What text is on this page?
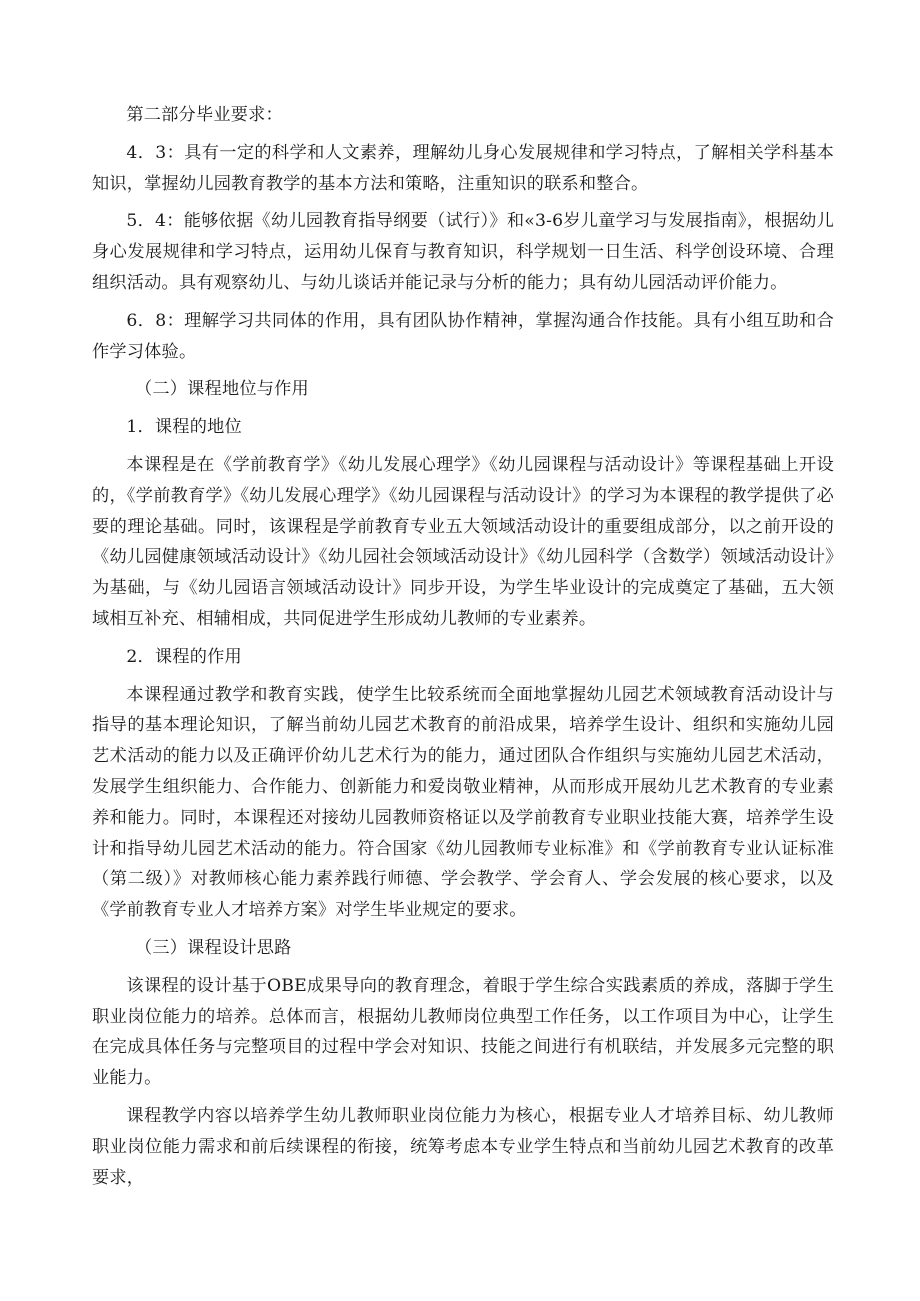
第二部分毕业要求：

4．3：具有一定的科学和人文素养，理解幼儿身心发展规律和学习特点，了解相关学科基本知识，掌握幼儿园教育教学的基本方法和策略，注重知识的联系和整合。

5．4：能够依据《幼儿园教育指导纲要（试行）》和«3-6岁儿童学习与发展指南》，根据幼儿身心发展规律和学习特点，运用幼儿保育与教育知识，科学规划一日生活、科学创设环境、合理组织活动。具有观察幼儿、与幼儿谈话并能记录与分析的能力；具有幼儿园活动评价能力。

6．8：理解学习共同体的作用，具有团队协作精神，掌握沟通合作技能。具有小组互助和合作学习体验。

（二）课程地位与作用

1．课程的地位

本课程是在《学前教育学》《幼儿发展心理学》《幼儿园课程与活动设计》等课程基础上开设的，《学前教育学》《幼儿发展心理学》《幼儿园课程与活动设计》的学习为本课程的教学提供了必要的理论基础。同时，该课程是学前教育专业五大领域活动设计的重要组成部分，以之前开设的《幼儿园健康领域活动设计》《幼儿园社会领域活动设计》《幼儿园科学（含数学）领域活动设计》为基础，与《幼儿园语言领域活动设计》同步开设，为学生毕业设计的完成奠定了基础，五大领域相互补充、相辅相成，共同促进学生形成幼儿教师的专业素养。

2．课程的作用

本课程通过教学和教育实践，使学生比较系统而全面地掌握幼儿园艺术领域教育活动设计与指导的基本理论知识，了解当前幼儿园艺术教育的前沿成果，培养学生设计、组织和实施幼儿园艺术活动的能力以及正确评价幼儿艺术行为的能力，通过团队合作组织与实施幼儿园艺术活动，发展学生组织能力、合作能力、创新能力和爱岗敬业精神，从而形成开展幼儿艺术教育的专业素养和能力。同时，本课程还对接幼儿园教师资格证以及学前教育专业职业技能大赛，培养学生设计和指导幼儿园艺术活动的能力。符合国家《幼儿园教师专业标准》和《学前教育专业认证标准（第二级）》对教师核心能力素养践行师德、学会教学、学会育人、学会发展的核心要求，以及《学前教育专业人才培养方案》对学生毕业规定的要求。

（三）课程设计思路

该课程的设计基于OBE成果导向的教育理念，着眼于学生综合实践素质的养成，落脚于学生职业岗位能力的培养。总体而言，根据幼儿教师岗位典型工作任务，以工作项目为中心，让学生在完成具体任务与完整项目的过程中学会对知识、技能之间进行有机联结，并发展多元完整的职业能力。

课程教学内容以培养学生幼儿教师职业岗位能力为核心，根据专业人才培养目标、幼儿教师职业岗位能力需求和前后续课程的衔接，统筹考虑本专业学生特点和当前幼儿园艺术教育的改革要求，
